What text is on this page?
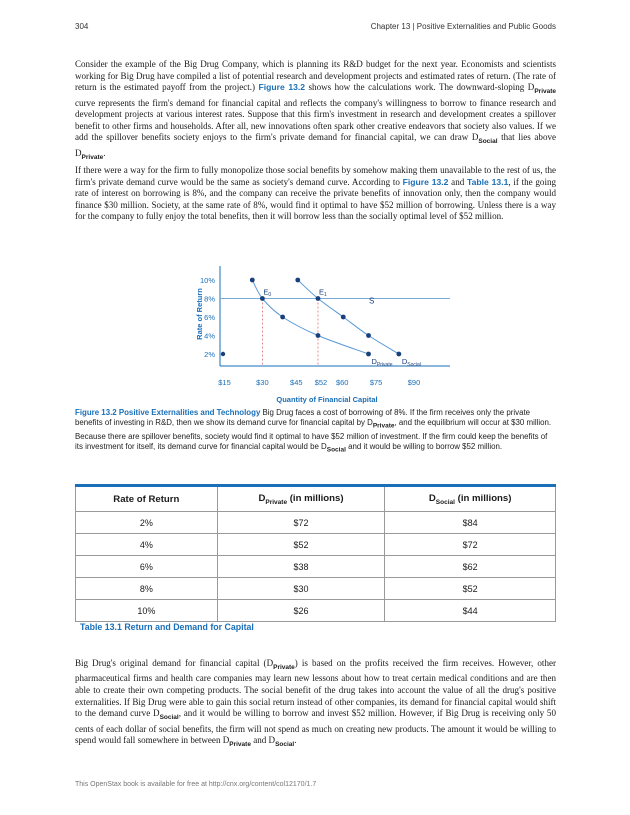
304	Chapter 13 | Positive Externalities and Public Goods

Consider the example of the Big Drug Company, which is planning its R&D budget for the next year. Economists and scientists working for Big Drug have compiled a list of potential research and development projects and estimated rates of return. (The rate of return is the estimated payoff from the project.) Figure 13.2 shows how the calculations work. The downward-sloping $D_{Private}$ curve represents the firm's demand for financial capital and reflects the company's willingness to borrow to finance research and development projects at various interest rates. Suppose that this firm's investment in research and development creates a spillover benefit to other firms and households. After all, new innovations often spark other creative endeavors that society also values. If we add the spillover benefits society enjoys to the firm's private demand for financial capital, we can draw $D_{Social}$ that lies above $D_{Private}$.

If there were a way for the firm to fully monopolize those social benefits by somehow making them unavailable to the rest of us, the firm's private demand curve would be the same as society's demand curve. According to Figure 13.2 and Table 13.1, if the going rate of interest on borrowing is 8%, and the company can receive the private benefits of innovation only, then the company would finance $30 million. Society, at the same rate of 8%, would find it optimal to have $52 million of borrowing. Unless there is a way for the company to fully enjoy the total benefits, then it will borrow less than the socially optimal level of $52 million.

S
$D_{Private}$ $D_{Social}$
$E_0$	$E_1$
2%
4%
6%
8%
10%
$15	$30	$45 $52 $60	$75	$90
Quantity of Financial Capital
Rate of Return

Figure 13.2 Positive Externalities and Technology Big Drug faces a cost of borrowing of 8%. If the firm receives only the private benefits of investing in R&D, then we show its demand curve for financial capital by $D_{Private}$, and the equilibrium will occur at $30 million. Because there are spillover benefits, society would find it optimal to have $52 million of investment. If the firm could keep the benefits of its investment for itself, its demand curve for financial capital would be $D_{Social}$ and it would be willing to borrow $52 million.

Rate of Return	$D_{Private}$ (in millions)	$D_{Social}$ (in millions)
2%	$72	$84
4%	$52	$72
6%	$38	$62
8%	$30	$52
10%	$26	$44
Table 13.1 Return and Demand for Capital

Big Drug's original demand for financial capital $(D_{Private})$ is based on the profits received the firm receives. However, other pharmaceutical firms and health care companies may learn new lessons about how to treat certain medical conditions and are then able to create their own competing products. The social benefit of the drug takes into account the value of all the drug's positive externalities. If Big Drug were able to gain this social return instead of other companies, its demand for financial capital would shift to the demand curve $D_{Social}$, and it would be willing to borrow and invest $52 million. However, if Big Drug is receiving only 50 cents of each dollar of social benefits, the firm will not spend as much on creating new products. The amount it would be willing to spend would fall somewhere in between $D_{Private}$ and $D_{Social}$.

This OpenStax book is available for free at http://cnx.org/content/col12170/1.7
